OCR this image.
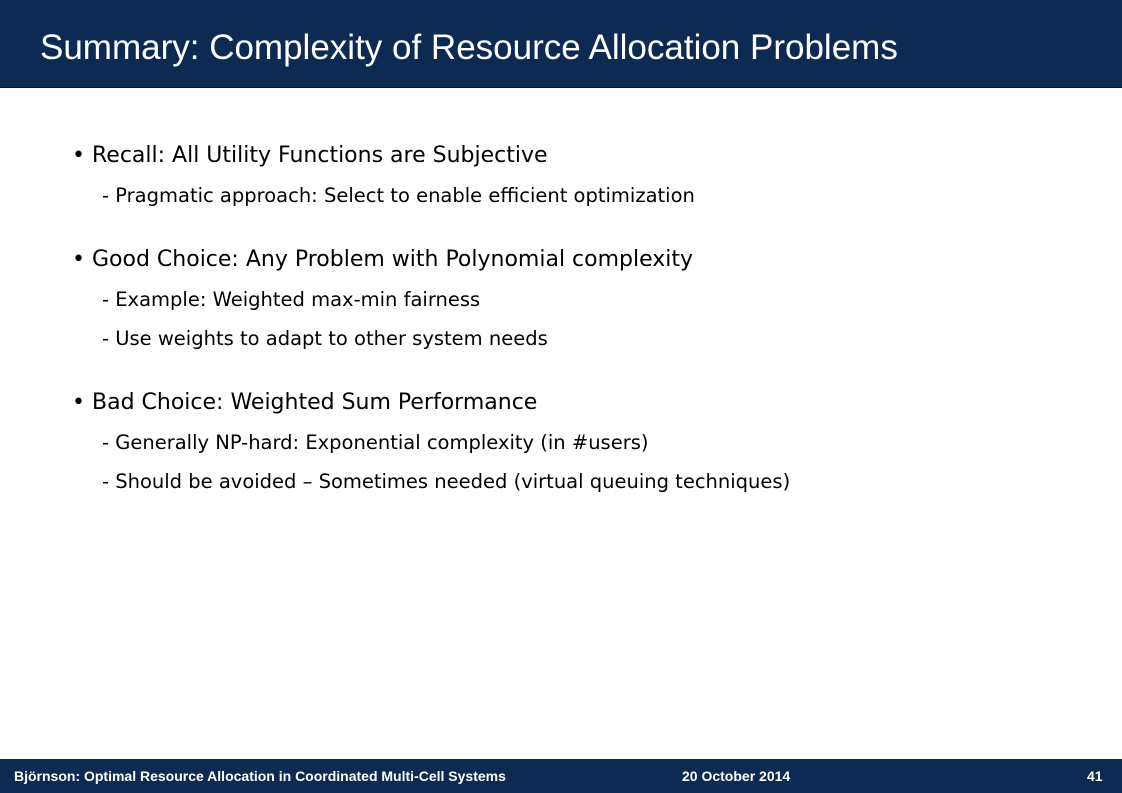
Summary: Complexity of Resource Allocation Problems
• Recall: All Utility Functions are Subjective
- Pragmatic approach: Select to enable efficient optimization
• Good Choice: Any Problem with Polynomial complexity
- Example: Weighted max-min fairness
- Use weights to adapt to other system needs
• Bad Choice: Weighted Sum Performance
- Generally NP-hard: Exponential complexity (in #users)
- Should be avoided – Sometimes needed (virtual queuing techniques)
Björnson: Optimal Resource Allocation in Coordinated Multi-Cell Systems	20 October 2014	41
